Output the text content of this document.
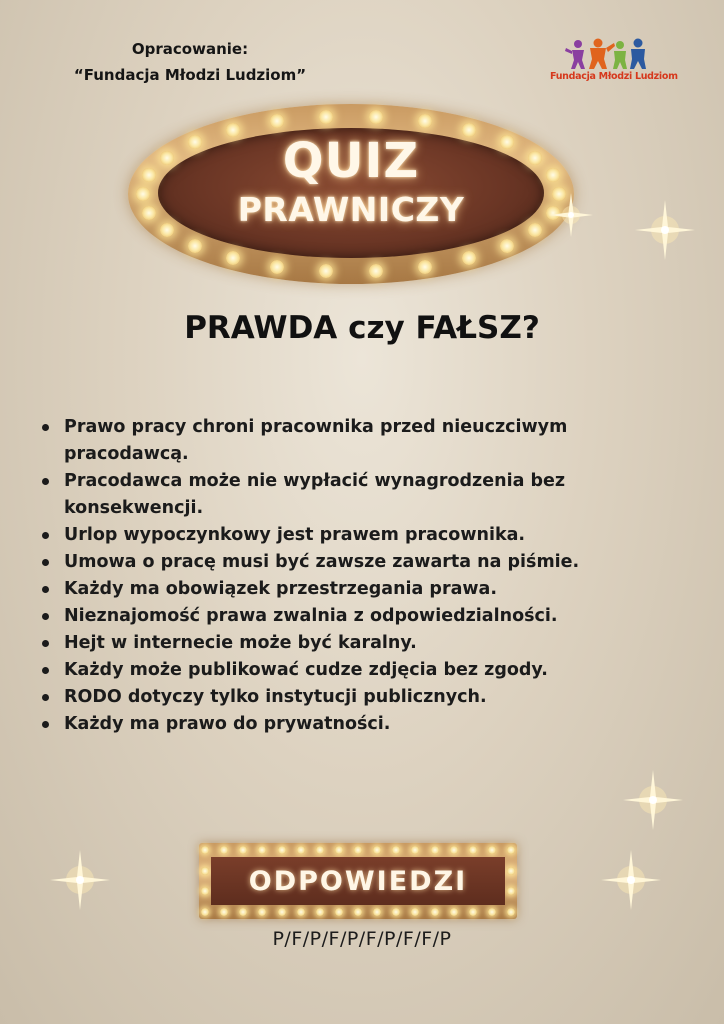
Opracowanie:
“Fundacja Młodzi Ludziom”	Fundacja Młodzi Ludziom
QUIZ
PRAWNICZY
PRAWDA czy FAŁSZ?
Prawo pracy chroni pracownika przed nieuczciwym pracodawcą.
Pracodawca może nie wypłacić wynagrodzenia bez konsekwencji.
Urlop wypoczynkowy jest prawem pracownika.
Umowa o pracę musi być zawsze zawarta na piśmie.
Każdy ma obowiązek przestrzegania prawa.
Nieznajomość prawa zwalnia z odpowiedzialności.
Hejt w internecie może być karalny.
Każdy może publikować cudze zdjęcia bez zgody.
RODO dotyczy tylko instytucji publicznych.
Każdy ma prawo do prywatności.
ODPOWIEDZI
P/F/P/F/P/F/P/F/F/P
